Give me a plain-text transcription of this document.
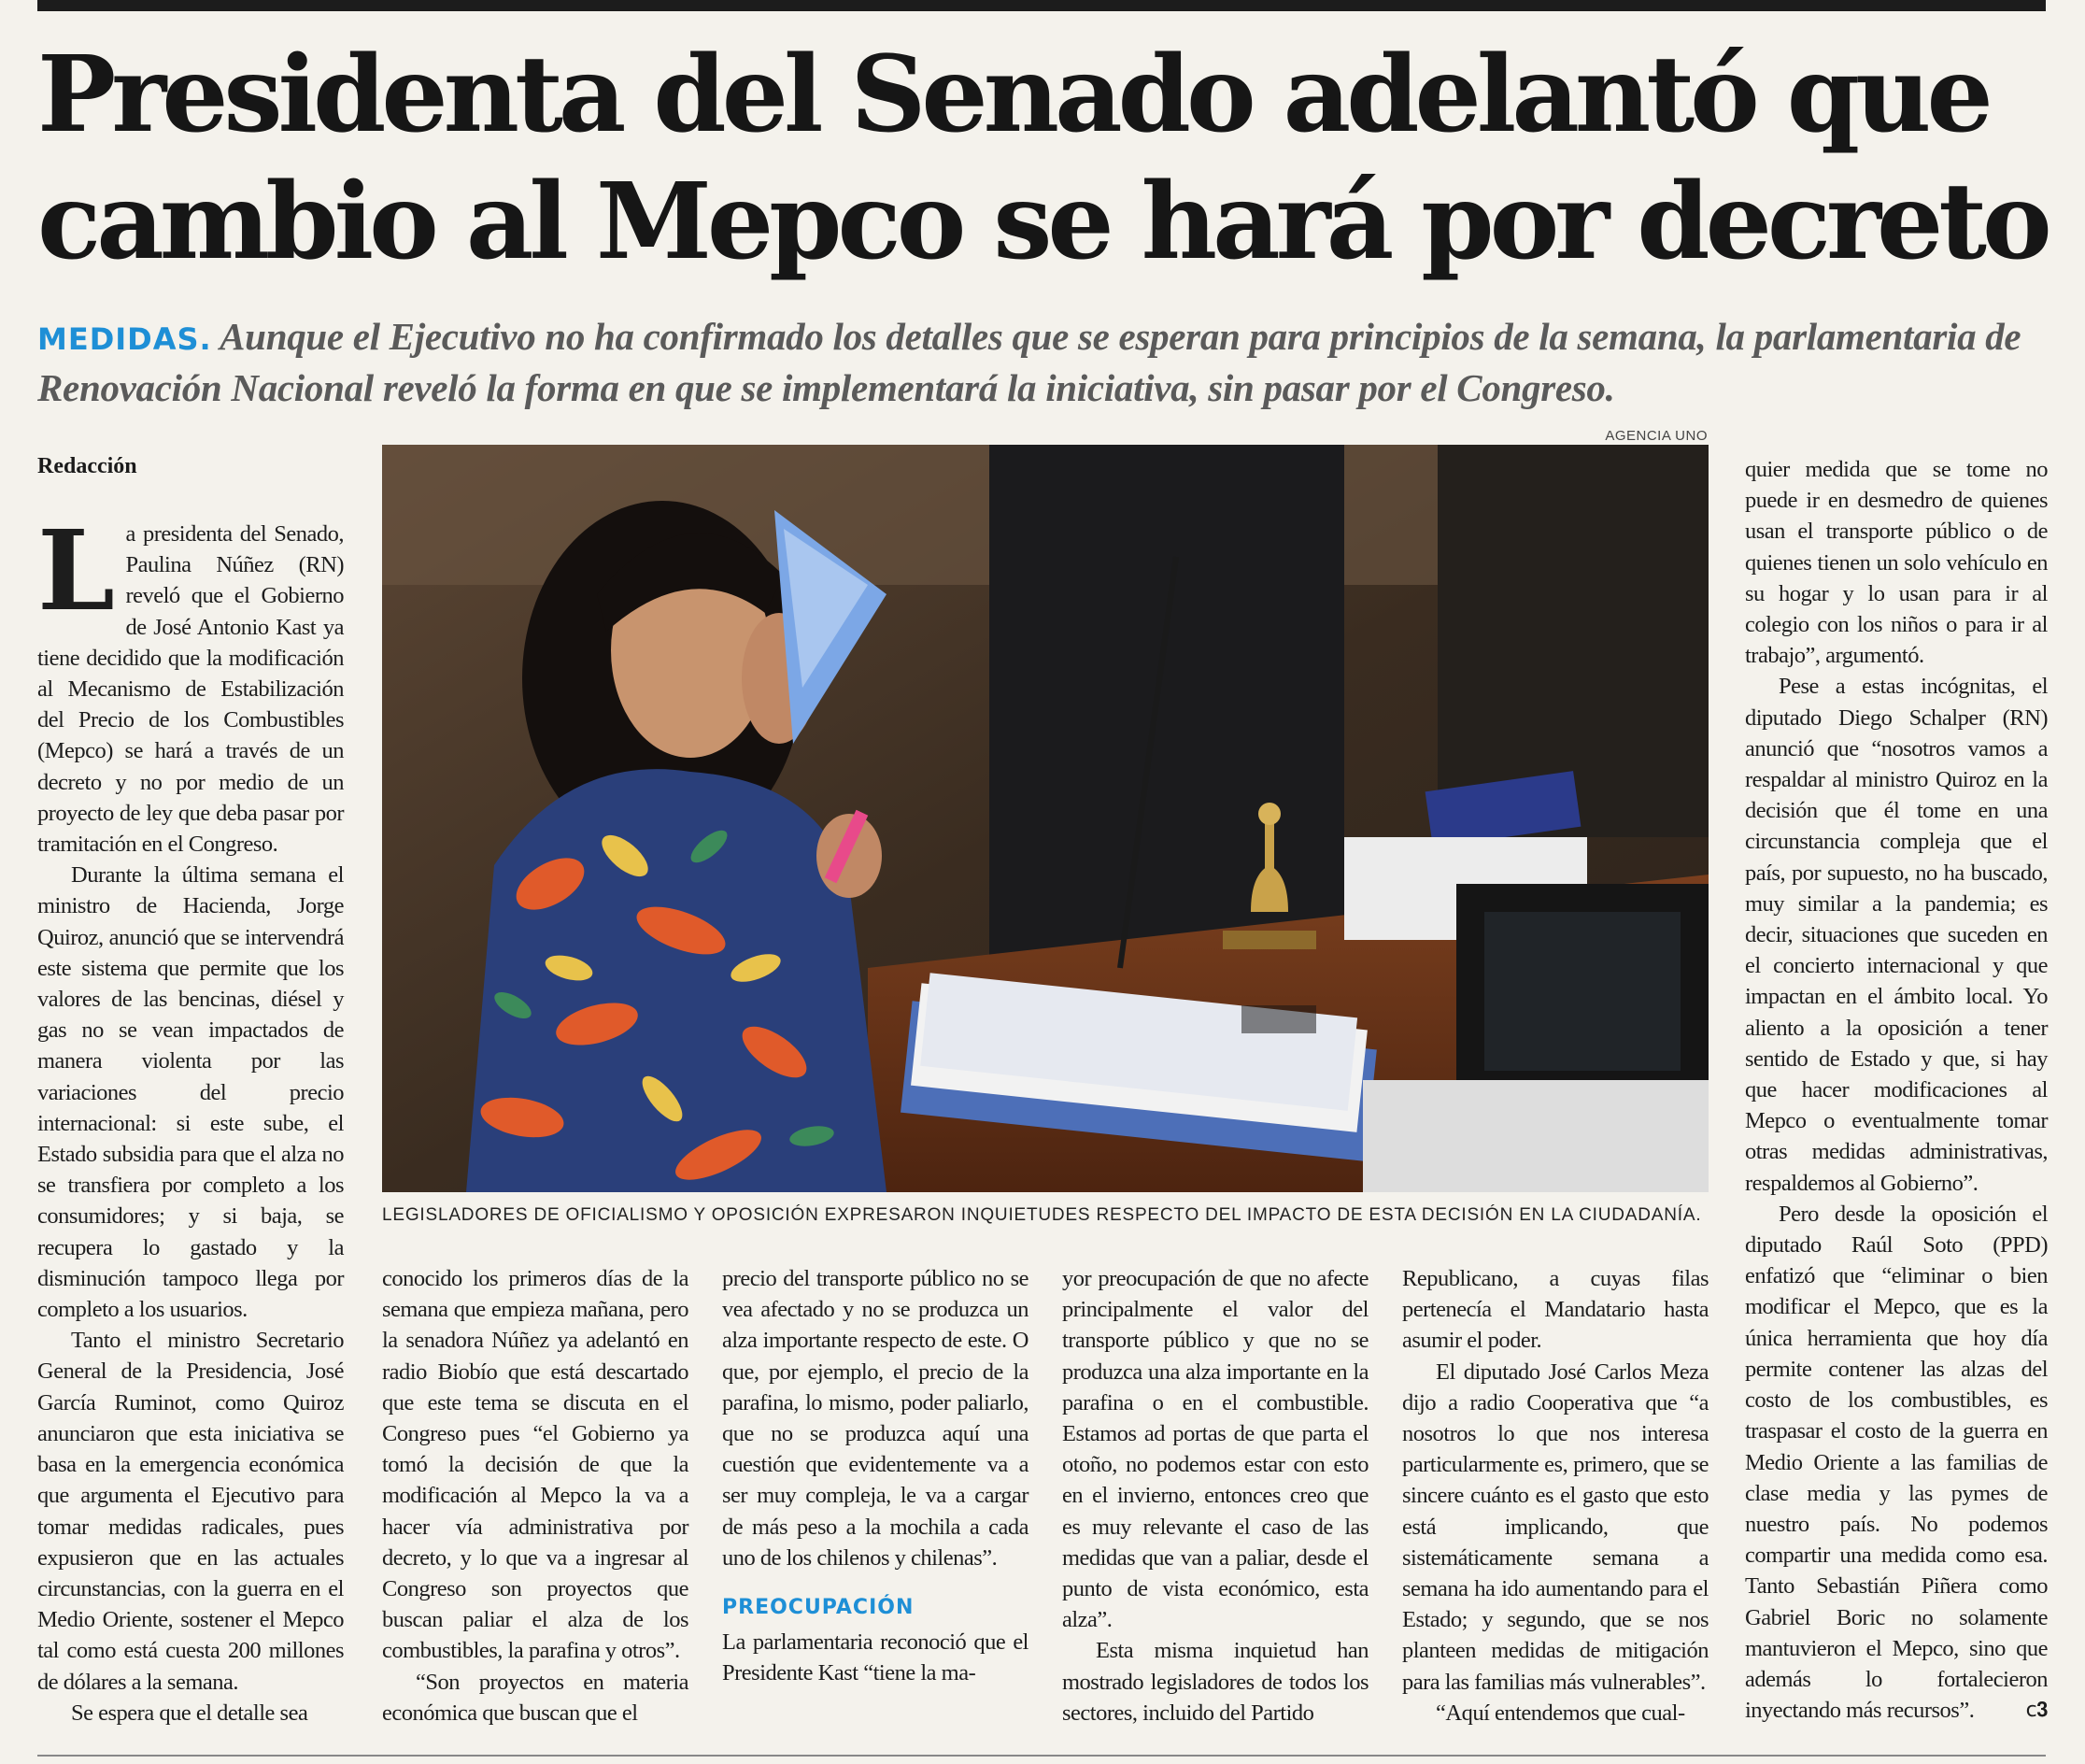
Presidenta del Senado adelantó que
cambio al Mepco se hará por decreto

MEDIDAS. Aunque el Ejecutivo no ha confirmado los detalles que se esperan para principios de la semana, la parlamentaria de Renovación Nacional reveló la forma en que se implementará la iniciativa, sin pasar por el Congreso.

AGENCIA UNO
Redacción

La presidenta del Senado, Paulina Núñez (RN) reveló que el Gobierno de José Antonio Kast ya tiene decidido que la modificación al Mecanismo de Estabilización del Precio de los Combustibles (Mepco) se hará a través de un decreto y no por medio de un proyecto de ley que deba pasar por tramitación en el Congreso.

Durante la última semana el ministro de Hacienda, Jorge Quiroz, anunció que se intervendrá este sistema que permite que los valores de las bencinas, diésel y gas no se vean impactados de manera violenta por las variaciones del precio internacional: si este sube, el Estado subsidia para que el alza no se transfiera por completo a los consumidores; y si baja, se recupera lo gastado y la disminución tampoco llega por completo a los usuarios.

Tanto el ministro Secretario General de la Presidencia, José García Ruminot, como Quiroz anunciaron que esta iniciativa se basa en la emergencia económica que argumenta el Ejecutivo para tomar medidas radicales, pues expusieron que en las actuales circunstancias, con la guerra en el Medio Oriente, sostener el Mepco tal como está cuesta 200 millones de dólares a la semana.

Se espera que el detalle sea

LEGISLADORES DE OFICIALISMO Y OPOSICIÓN EXPRESARON INQUIETUDES RESPECTO DEL IMPACTO DE ESTA DECISIÓN EN LA CIUDADANÍA.

conocido los primeros días de la semana que empieza mañana, pero la senadora Núñez ya adelantó en radio Biobío que está descartado que este tema se discuta en el Congreso pues “el Gobierno ya tomó la decisión de que la modificación al Mepco la va a hacer vía administrativa por decreto, y lo que va a ingresar al Congreso son proyectos que buscan paliar el alza de los combustibles, la parafina y otros”.

“Son proyectos en materia económica que buscan que el

precio del transporte público no se vea afectado y no se produzca un alza importante respecto de este. O que, por ejemplo, el precio de la parafina, lo mismo, poder paliarlo, que no se produzca aquí una cuestión que evidentemente va a ser muy compleja, le va a cargar de más peso a la mochila a cada uno de los chilenos y chilenas”.

PREOCUPACIÓN

La parlamentaria reconoció que el Presidente Kast “tiene la ma-

yor preocupación de que no afecte principalmente el valor del transporte público y que no se produzca una alza importante en la parafina o en el combustible. Estamos ad portas de que parta el otoño, no podemos estar con esto en el invierno, entonces creo que es muy relevante el caso de las medidas que van a paliar, desde el punto de vista económico, esta alza”.

Esta misma inquietud han mostrado legisladores de todos los sectores, incluido del Partido

Republicano, a cuyas filas pertenecía el Mandatario hasta asumir el poder.

El diputado José Carlos Meza dijo a radio Cooperativa que “a nosotros lo que nos interesa particularmente es, primero, que se sincere cuánto es el gasto que esto está implicando, que sistemáticamente semana a semana ha ido aumentando para el Estado; y segundo, que se nos planteen medidas de mitigación para las familias más vulnerables”.

“Aquí entendemos que cual-

quier medida que se tome no puede ir en desmedro de quienes usan el transporte público o de quienes tienen un solo vehículo en su hogar y lo usan para ir al colegio con los niños o para ir al trabajo”, argumentó.

Pese a estas incógnitas, el diputado Diego Schalper (RN) anunció que “nosotros vamos a respaldar al ministro Quiroz en la decisión que él tome en una circunstancia compleja que el país, por supuesto, no ha buscado, muy similar a la pandemia; es decir, situaciones que suceden en el concierto internacional y que impactan en el ámbito local. Yo aliento a la oposición a tener sentido de Estado y que, si hay que hacer modificaciones al Mepco o eventualmente tomar otras medidas administrativas, respaldemos al Gobierno”.

Pero desde la oposición el diputado Raúl Soto (PPD) enfatizó que “eliminar o bien modificar el Mepco, que es la única herramienta que hoy día permite contener las alzas del costo de los combustibles, es traspasar el costo de la guerra en Medio Oriente a las familias de clase media y las pymes de nuestro país. No podemos compartir una medida como esa. Tanto Sebastián Piñera como Gabriel Boric no solamente mantuvieron el Mepco, sino que además lo fortalecieron inyectando más recursos”.	ᴄ𝟑
